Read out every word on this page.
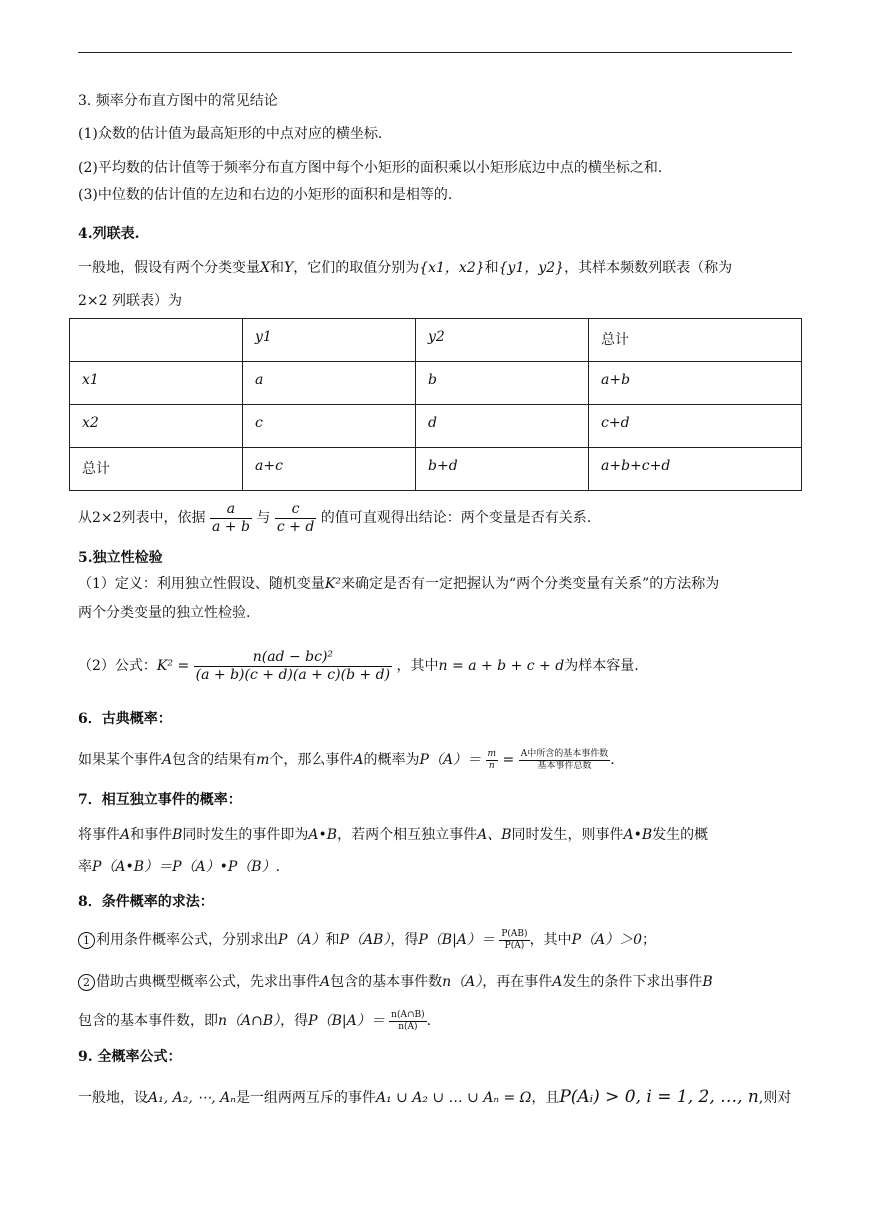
3. 频率分布直方图中的常见结论
(1)众数的估计值为最高矩形的中点对应的横坐标.
(2)平均数的估计值等于频率分布直方图中每个小矩形的面积乘以小矩形底边中点的横坐标之和.
(3)中位数的估计值的左边和右边的小矩形的面积和是相等的.
4.列联表.
一般地，假设有两个分类变量X和Y，它们的取值分别为{x1，x2}和{y1，y2}，其样本频数列联表（称为
2×2 列联表）为
	y1	y2	总计
x1	a	b	a+b
x2	c	d	c+d
总计	a+c	b+d	a+b+c+d
从2×2列表中，依据 $\frac{a}{a + b}$ 与 $\frac{c}{c + d}$ 的值可直观得出结论：两个变量是否有关系.
5.独立性检验
（1）定义：利用独立性假设、随机变量K²来确定是否有一定把握认为“两个分类变量有关系”的方法称为
两个分类变量的独立性检验.
（2）公式：$K^2 = \frac{\text{n(ad − bc)²}}{(a + b)(c + d)(a + c)(b + d)}$ ，其中n = a + b + c + d为样本容量.
6．古典概率：
如果某个事件A包含的结果有m个，那么事件A的概率为$P(A)= \frac{m}{n} = \frac{\text{A中所含的基本事件数}}{\text{基本事件总数}}$ .
7．相互独立事件的概率：
将事件A和事件B同时发生的事件即为A•B，若两个相互独立事件A、B同时发生，则事件A•B发生的概
率P（A•B）＝P（A）•P（B）.
8．条件概率的求法：
1 利用条件概率公式，分别求出P（A）和P（AB），得$P(B|A)= \frac{P(AB)}{P(A)}$ ，其中P（A）＞0；
2 借助古典概型概率公式，先求出事件A包含的基本事件数n（A），再在事件A发生的条件下求出事件B
包含的基本事件数，即n（A∩B），得$P(B|A)= \frac{n(A\cap B)}{n(A)}$ .
9. 全概率公式：
一般地，设A₁, A₂, ⋯, Aₙ是一组两两互斥的事件A₁ ∪ A₂ ∪ … ∪ Aₙ = Ω，且P(Aᵢ) > 0, i = 1, 2, …, n,则对
